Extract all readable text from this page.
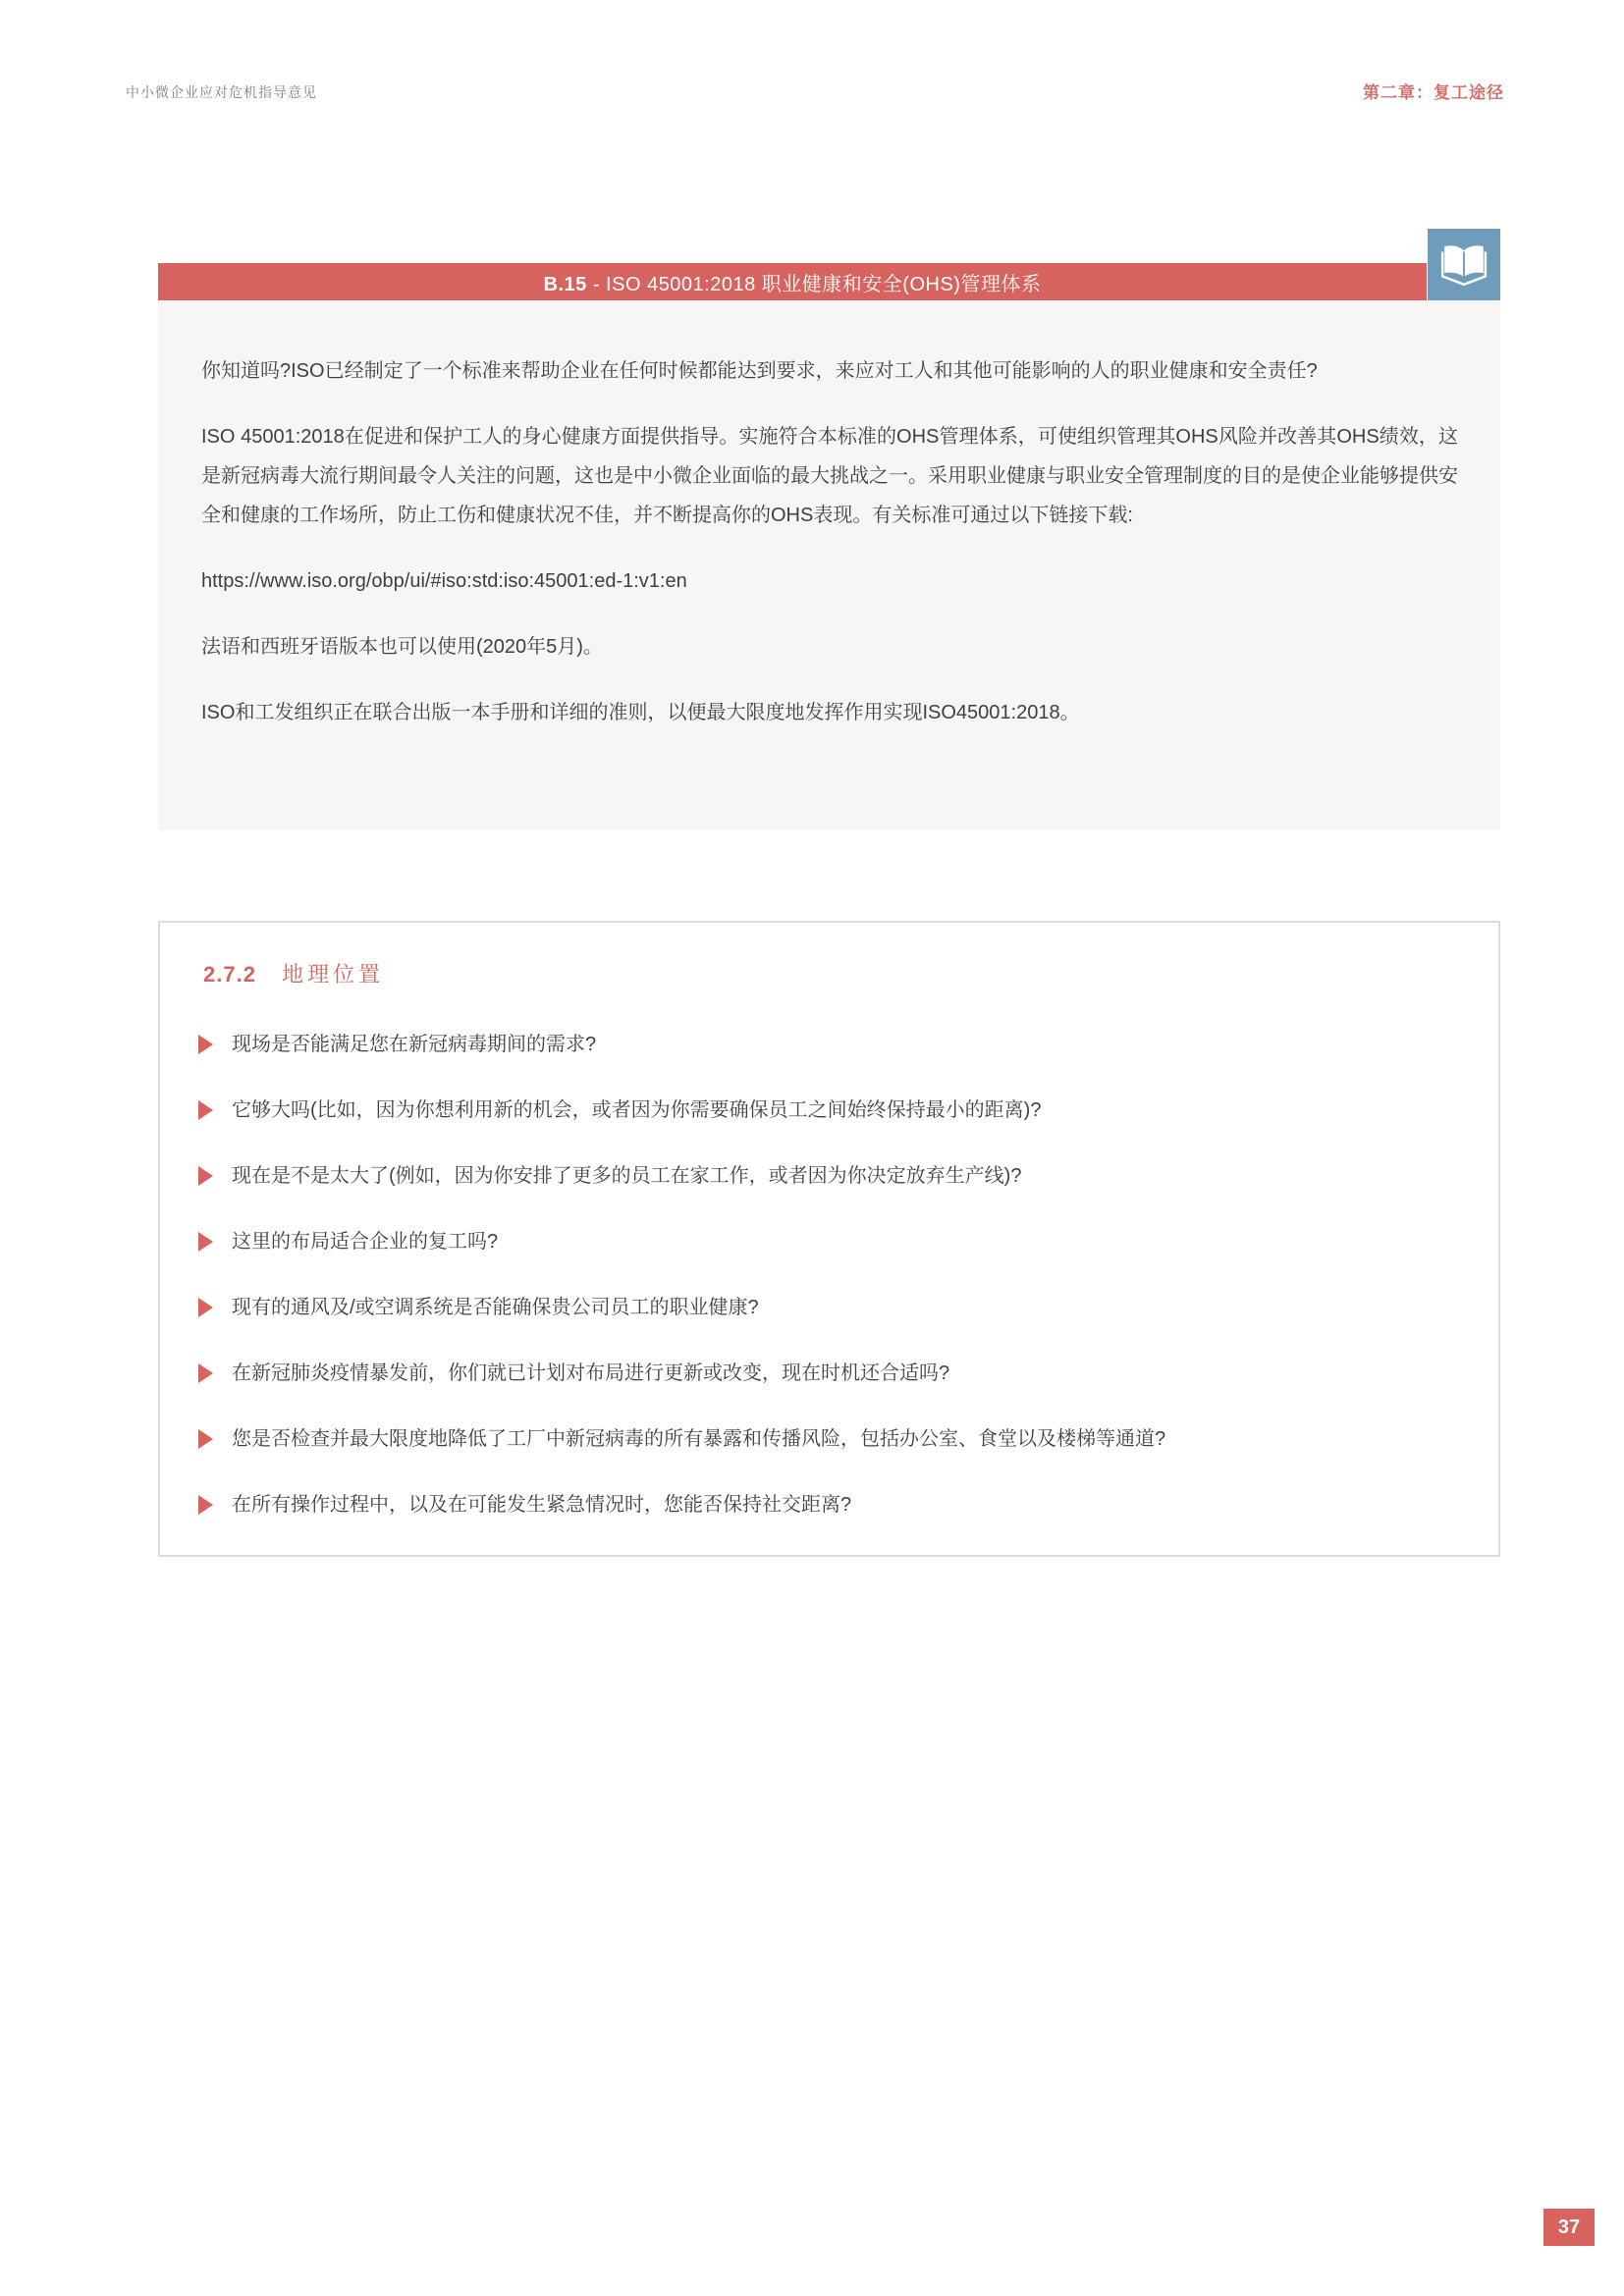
中小微企业应对危机指导意见	第二章：复工途径
B.15 - ISO 45001:2018 职业健康和安全(OHS)管理体系

你知道吗?ISO已经制定了一个标准来帮助企业在任何时候都能达到要求，来应对工人和其他可能影响的人的职业健康和安全责任?

ISO 45001:2018在促进和保护工人的身心健康方面提供指导。实施符合本标准的OHS管理体系，可使组织管理其OHS风险并改善其OHS绩效，这是新冠病毒大流行期间最令人关注的问题，这也是中小微企业面临的最大挑战之一。采用职业健康与职业安全管理制度的目的是使企业能够提供安全和健康的工作场所，防止工伤和健康状况不佳，并不断提高你的OHS表现。有关标准可通过以下链接下载:

https://www.iso.org/obp/ui/#iso:std:iso:45001:ed-1:v1:en

法语和西班牙语版本也可以使用(2020年5月)。

ISO和工发组织正在联合出版一本手册和详细的准则，以便最大限度地发挥作用实现ISO45001:2018。

2.7.2 地理位置
现场是否能满足您在新冠病毒期间的需求?
它够大吗(比如，因为你想利用新的机会，或者因为你需要确保员工之间始终保持最小的距离)?
现在是不是太大了(例如，因为你安排了更多的员工在家工作，或者因为你决定放弃生产线)?
这里的布局适合企业的复工吗?
现有的通风及/或空调系统是否能确保贵公司员工的职业健康?
在新冠肺炎疫情暴发前，你们就已计划对布局进行更新或改变，现在时机还合适吗?
您是否检查并最大限度地降低了工厂中新冠病毒的所有暴露和传播风险，包括办公室、食堂以及楼梯等通道?
在所有操作过程中，以及在可能发生紧急情况时，您能否保持社交距离?
37
